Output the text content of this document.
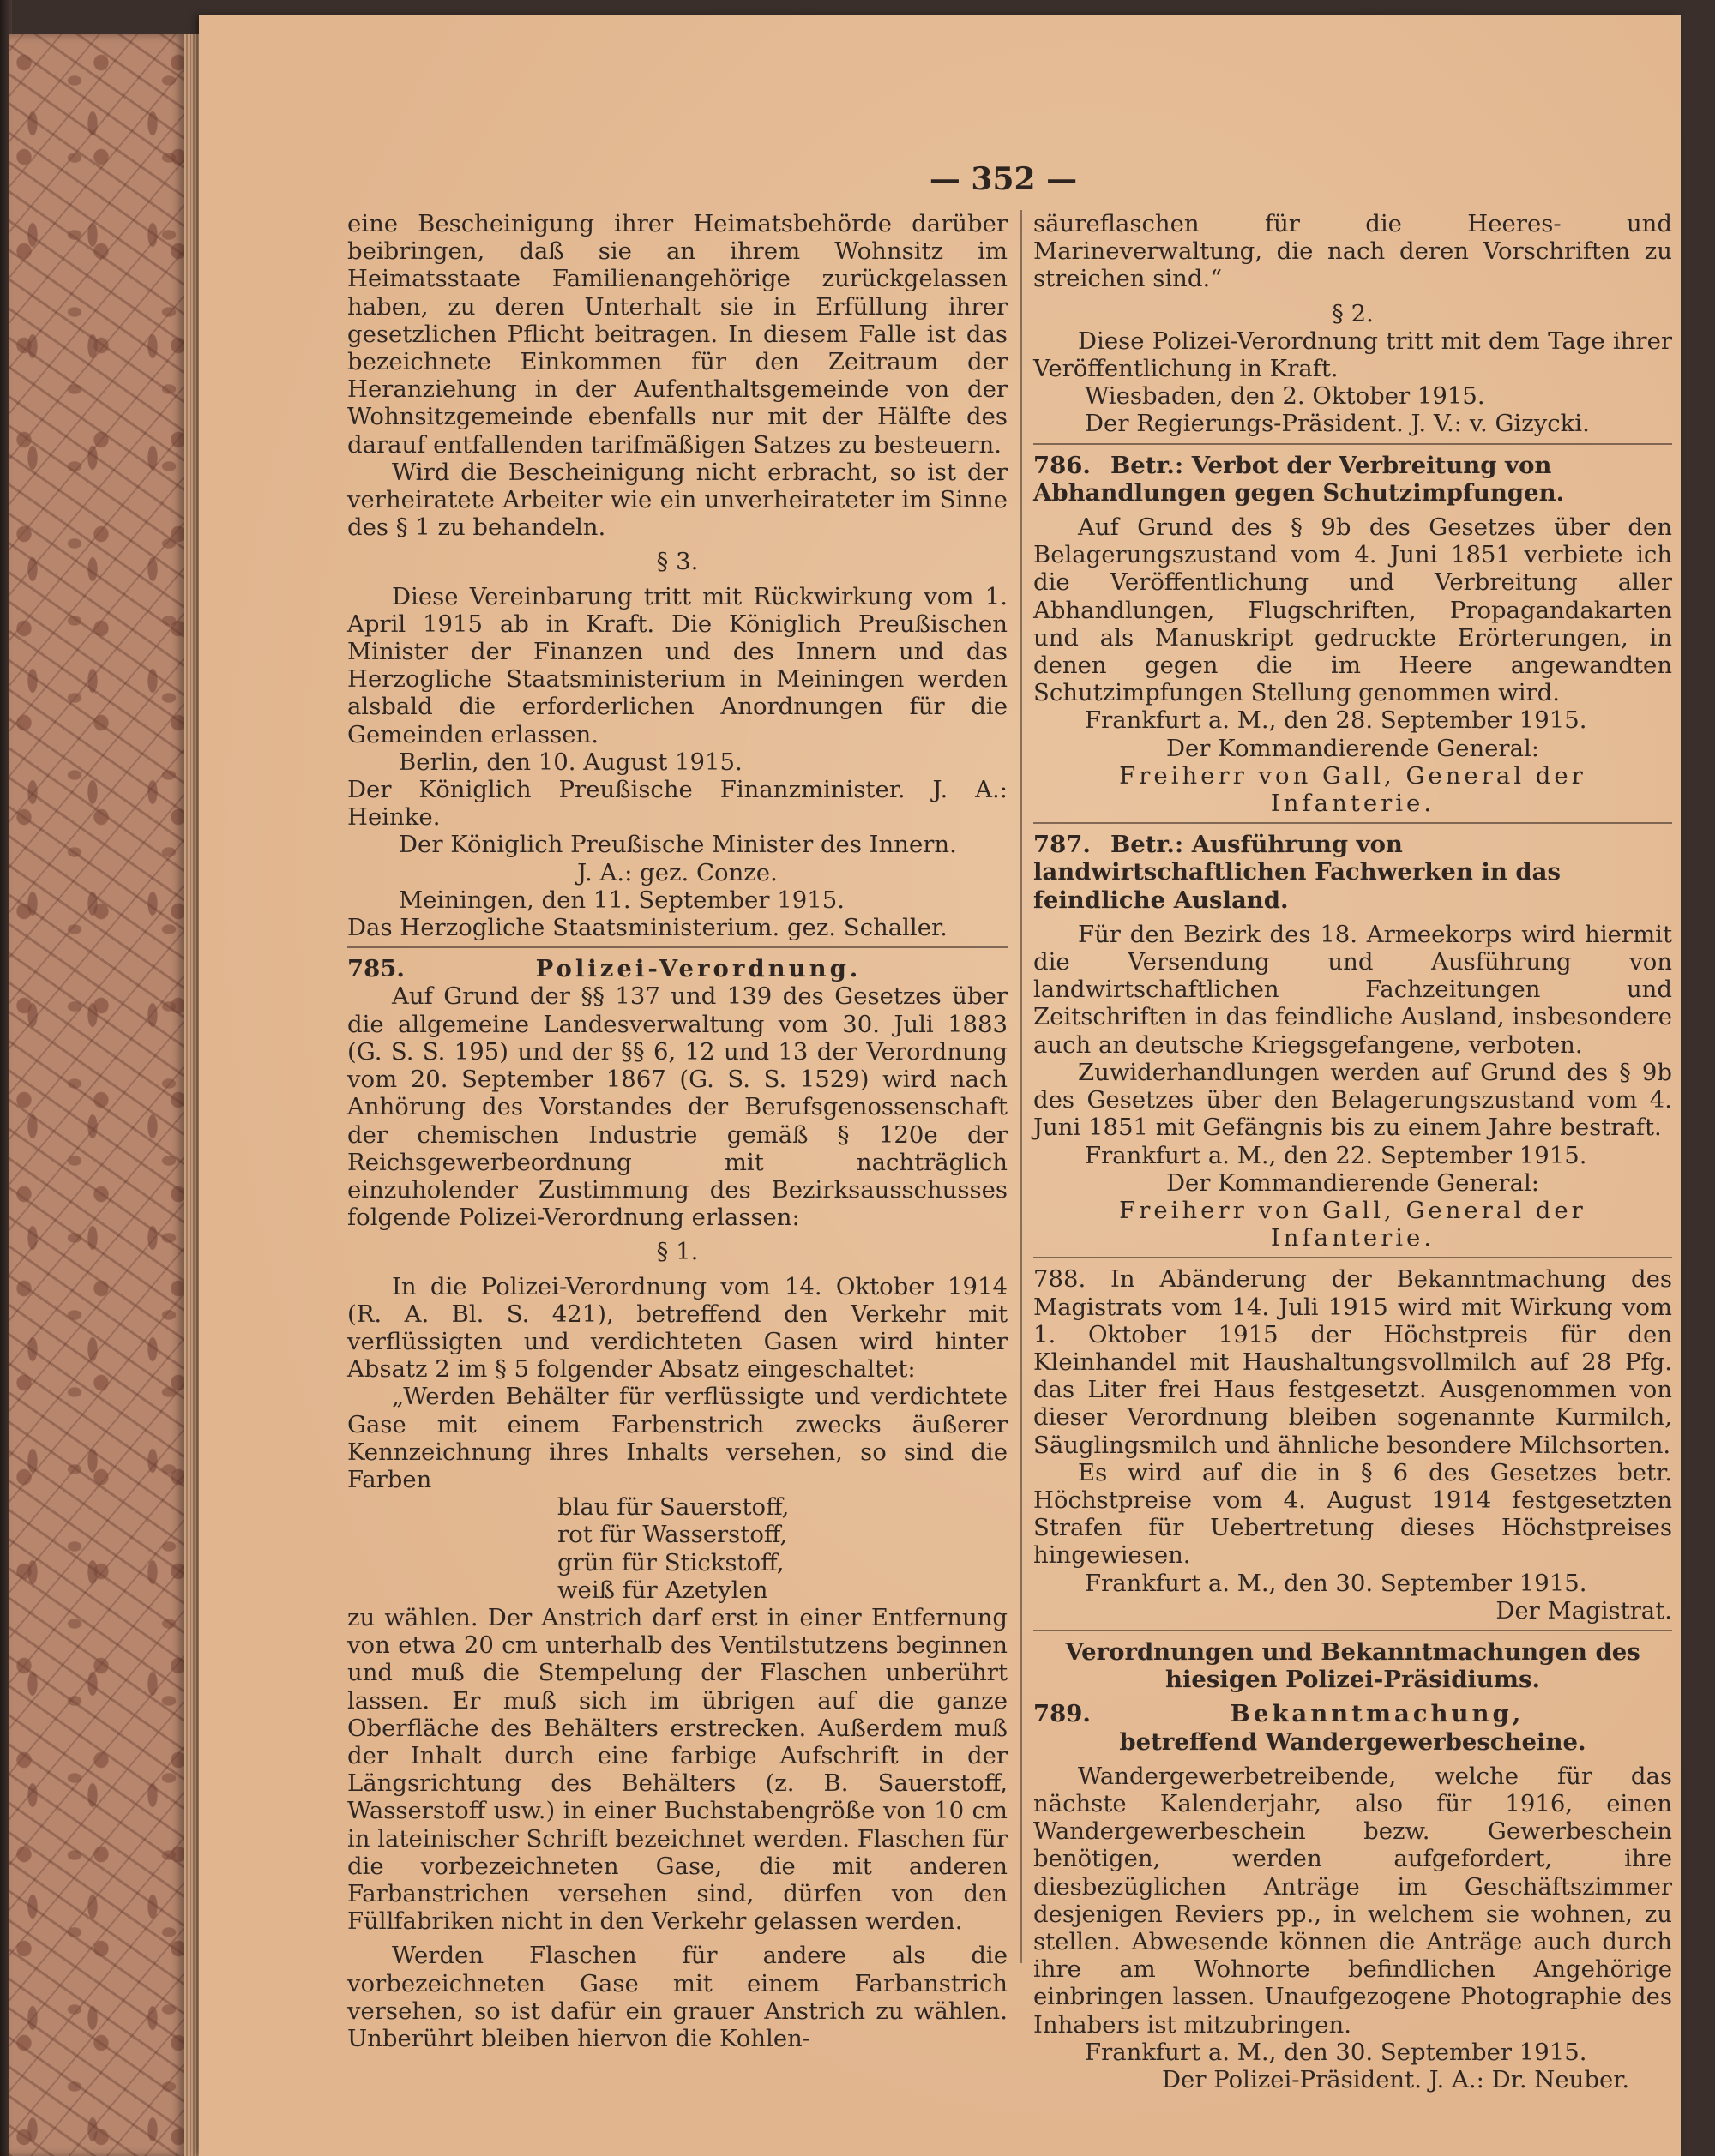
— 352 —

eine Bescheinigung ihrer Heimatsbehörde darüber beibringen, daß sie an ihrem Wohnsitz im Heimatsstaate Familienangehörige zurückgelassen haben, zu deren Unterhalt sie in Erfüllung ihrer gesetzlichen Pflicht beitragen. In diesem Falle ist das bezeichnete Einkommen für den Zeitraum der Heranziehung in der Aufenthaltsgemeinde von der Wohnsitzgemeinde ebenfalls nur mit der Hälfte des darauf entfallenden tarifmäßigen Satzes zu besteuern.

Wird die Bescheinigung nicht erbracht, so ist der verheiratete Arbeiter wie ein unverheirateter im Sinne des § 1 zu behandeln.

§ 3.

Diese Vereinbarung tritt mit Rückwirkung vom 1. April 1915 ab in Kraft. Die Königlich Preußischen Minister der Finanzen und des Innern und das Herzogliche Staatsministerium in Meiningen werden alsbald die erforderlichen Anordnungen für die Gemeinden erlassen.

Berlin, den 10. August 1915.

Der Königlich Preußische Finanzminister. J. A.: Heinke.

Der Königlich Preußische Minister des Innern.

J. A.: gez. Conze.

Meiningen, den 11. September 1915.

Das Herzogliche Staatsministerium. gez. Schaller.

785.	Polizei-Verordnung.

Auf Grund der §§ 137 und 139 des Gesetzes über die allgemeine Landesverwaltung vom 30. Juli 1883 (G. S. S. 195) und der §§ 6, 12 und 13 der Verordnung vom 20. September 1867 (G. S. S. 1529) wird nach Anhörung des Vorstandes der Berufsgenossenschaft der chemischen Industrie gemäß § 120e der Reichsgewerbeordnung mit nachträglich einzuholender Zustimmung des Bezirksausschusses folgende Polizei-Verordnung erlassen:

§ 1.

In die Polizei-Verordnung vom 14. Oktober 1914 (R. A. Bl. S. 421), betreffend den Verkehr mit verflüssigten und verdichteten Gasen wird hinter Absatz 2 im § 5 folgender Absatz eingeschaltet:

„Werden Behälter für verflüssigte und verdichtete Gase mit einem Farbenstrich zwecks äußerer Kennzeichnung ihres Inhalts versehen, so sind die Farben

blau für Sauerstoff,

rot für Wasserstoff,

grün für Stickstoff,

weiß für Azetylen

zu wählen. Der Anstrich darf erst in einer Entfernung von etwa 20 cm unterhalb des Ventilstutzens beginnen und muß die Stempelung der Flaschen unberührt lassen. Er muß sich im übrigen auf die ganze Oberfläche des Behälters erstrecken. Außerdem muß der Inhalt durch eine farbige Aufschrift in der Längsrichtung des Behälters (z. B. Sauerstoff, Wasserstoff usw.) in einer Buchstabengröße von 10 cm in lateinischer Schrift bezeichnet werden. Flaschen für die vorbezeichneten Gase, die mit anderen Farbanstrichen versehen sind, dürfen von den Füllfabriken nicht in den Verkehr gelassen werden.

Werden Flaschen für andere als die vorbezeichneten Gase mit einem Farbanstrich versehen, so ist dafür ein grauer Anstrich zu wählen. Unberührt bleiben hiervon die Kohlen-

säureflaschen für die Heeres- und Marineverwaltung, die nach deren Vorschriften zu streichen sind.“

§ 2.

Diese Polizei-Verordnung tritt mit dem Tage ihrer Veröffentlichung in Kraft.

Wiesbaden, den 2. Oktober 1915.

Der Regierungs-Präsident. J. V.: v. Gizycki.

786. Betr.: Verbot der Verbreitung von Abhandlungen gegen Schutzimpfungen.

Auf Grund des § 9b des Gesetzes über den Belagerungszustand vom 4. Juni 1851 verbiete ich die Veröffentlichung und Verbreitung aller Abhandlungen, Flugschriften, Propagandakarten und als Manuskript gedruckte Erörterungen, in denen gegen die im Heere angewandten Schutzimpfungen Stellung genommen wird.

Frankfurt a. M., den 28. September 1915.

Der Kommandierende General:

Freiherr von Gall, General der Infanterie.

787. Betr.: Ausführung von landwirtschaftlichen Fachwerken in das feindliche Ausland.

Für den Bezirk des 18. Armeekorps wird hiermit die Versendung und Ausführung von landwirtschaftlichen Fachzeitungen und Zeitschriften in das feindliche Ausland, insbesondere auch an deutsche Kriegsgefangene, verboten.

Zuwiderhandlungen werden auf Grund des § 9b des Gesetzes über den Belagerungszustand vom 4. Juni 1851 mit Gefängnis bis zu einem Jahre bestraft.

Frankfurt a. M., den 22. September 1915.

Der Kommandierende General:

Freiherr von Gall, General der Infanterie.

788. In Abänderung der Bekanntmachung des Magistrats vom 14. Juli 1915 wird mit Wirkung vom 1. Oktober 1915 der Höchstpreis für den Kleinhandel mit Haushaltungsvollmilch auf 28 Pfg. das Liter frei Haus festgesetzt. Ausgenommen von dieser Verordnung bleiben sogenannte Kurmilch, Säuglingsmilch und ähnliche besondere Milchsorten.

Es wird auf die in § 6 des Gesetzes betr. Höchstpreise vom 4. August 1914 festgesetzten Strafen für Uebertretung dieses Höchstpreises hingewiesen.

Frankfurt a. M., den 30. September 1915.

Der Magistrat.

Verordnungen und Bekanntmachungen des hiesigen Polizei-Präsidiums.

789.	Bekanntmachung,

betreffend Wandergewerbescheine.

Wandergewerbetreibende, welche für das nächste Kalenderjahr, also für 1916, einen Wandergewerbeschein bezw. Gewerbeschein benötigen, werden aufgefordert, ihre diesbezüglichen Anträge im Geschäftszimmer desjenigen Reviers pp., in welchem sie wohnen, zu stellen. Abwesende können die Anträge auch durch ihre am Wohnorte befindlichen Angehörige einbringen lassen. Unaufgezogene Photographie des Inhabers ist mitzubringen.

Frankfurt a. M., den 30. September 1915.

Der Polizei-Präsident. J. A.: Dr. Neuber.
